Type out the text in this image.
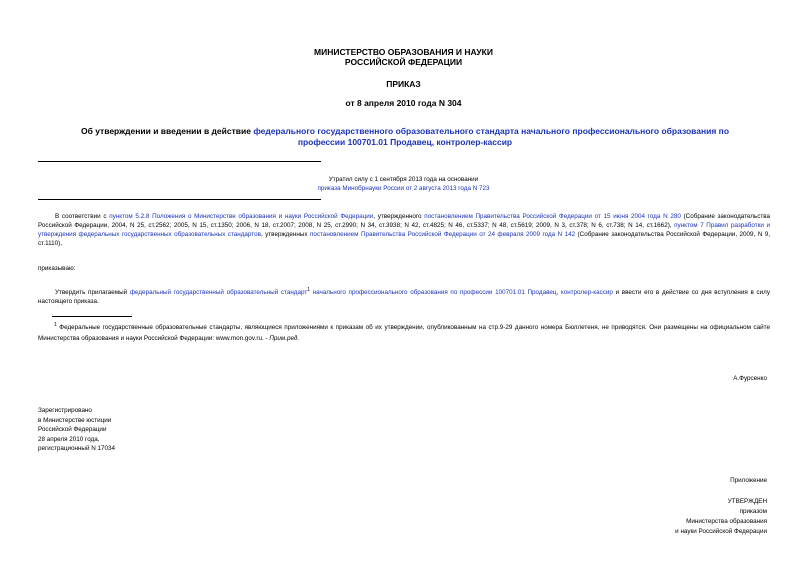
МИНИСТЕРСТВО ОБРАЗОВАНИЯ И НАУКИ
РОССИЙСКОЙ ФЕДЕРАЦИИ
ПРИКАЗ
от 8 апреля 2010 года N 304
Об утверждении и введении в действие федерального государственного образовательного стандарта начального профессионального образования по профессии 100701.01 Продавец, контролер-кассир
Утратил силу с 1 сентября 2013 года на основании
приказа Минобрнауки России от 2 августа 2013 года N 723
В соответствии с пунктом 5.2.8 Положения о Министерстве образования и науки Российской Федерации, утвержденного постановлением Правительства Российской Федерации от 15 июня 2004 года N 280 (Собрание законодательства Российской Федерации, 2004, N 25, ст.2562; 2005, N 15, ст.1350; 2006, N 18, ст.2007; 2008, N 25, ст.2990; N 34, ст.3938; N 42, ст.4825; N 46, ст.5337; N 48, ст.5619; 2009, N 3, ст.378; N 6, ст.738; N 14, ст.1662), пунктом 7 Правил разработки и утверждения федеральных государственных образовательных стандартов, утвержденных постановлением Правительства Российской Федерации от 24 февраля 2009 года N 142 (Собрание законодательства Российской Федерации, 2009, N 9, ст.1110),
приказываю:
Утвердить прилагаемый федеральный государственный образовательный стандарт$^1$ начального профессионального образования по профессии 100701.01 Продавец, контролер-кассир и ввести его в действие со дня вступления в силу настоящего приказа.
$^1$ Федеральные государственные образовательные стандарты, являющиеся приложениями к приказам об их утверждении, опубликованным на стр.9-29 данного номера Бюллетеня, не приводятся. Они размещены на официальном сайте Министерства образования и науки Российской Федерации: www.mon.gov.ru. - Прим.ред.
А.Фурсенко
Зарегистрировано
в Министерстве юстиции
Российской Федерации
28 апреля 2010 года,
регистрационный N 17034
Приложение
УТВЕРЖДЕН
приказом
Министерства образования
и науки Российской Федерации
